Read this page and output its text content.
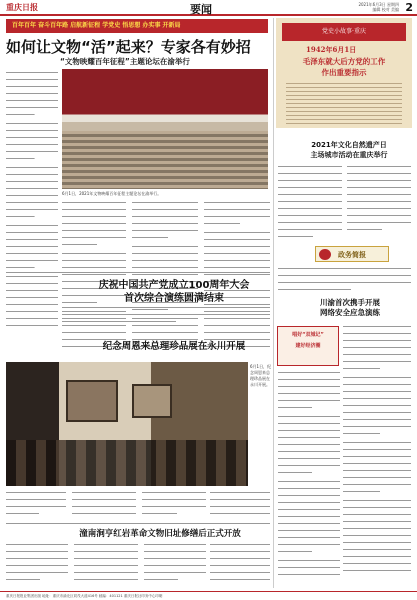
重庆日报	要闻	2021年6月3日 星期四
编辑 校对 美编 2
百年百年 奋斗百年路 启航新征程 学党史 悟思想 办实事 开新局
如何让文物“活”起来？专家各有妙招
“文物映耀百年征程”主题论坛在渝举行
6月1日，2021年文物映耀百年征程主题论坛在渝举行。
党史小故事·重庆
1942年6月1日
毛泽东就大后方党的工作
作出重要指示
2021年文化自然遗产日
主场城市活动在重庆举行
政务简报
川渝首次携手开展
网络安全应急演练
唱好“双城记”
建好经济圈
庆祝中国共产党成立100周年大会
首次综合演练圆满结束
纪念周恩来总理珍品展在永川开展
6月1日，纪念周恩来总理珍品展在永川开展。
潼南涧亨红岩革命文物旧址修缮后正式开放
重庆日报报业集团出版 地址：重庆市渝北区同茂大道416号 邮编：401121 重庆日报社印务中心印刷
